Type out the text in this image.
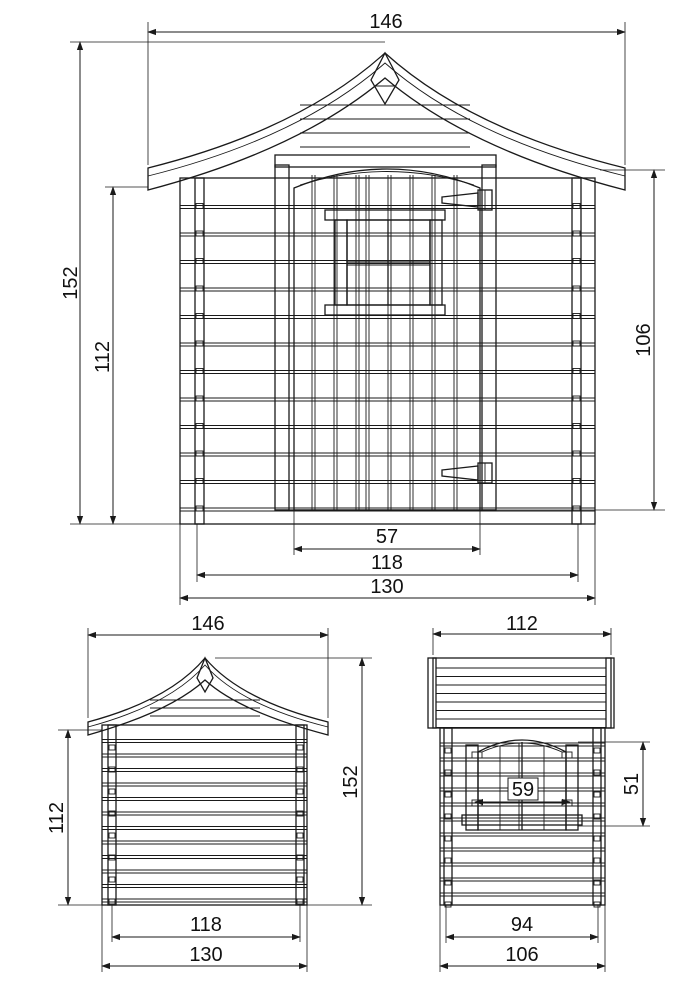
146
152
112
106
57
118
130
146
112
152
118
130
112
51
59
94
106
